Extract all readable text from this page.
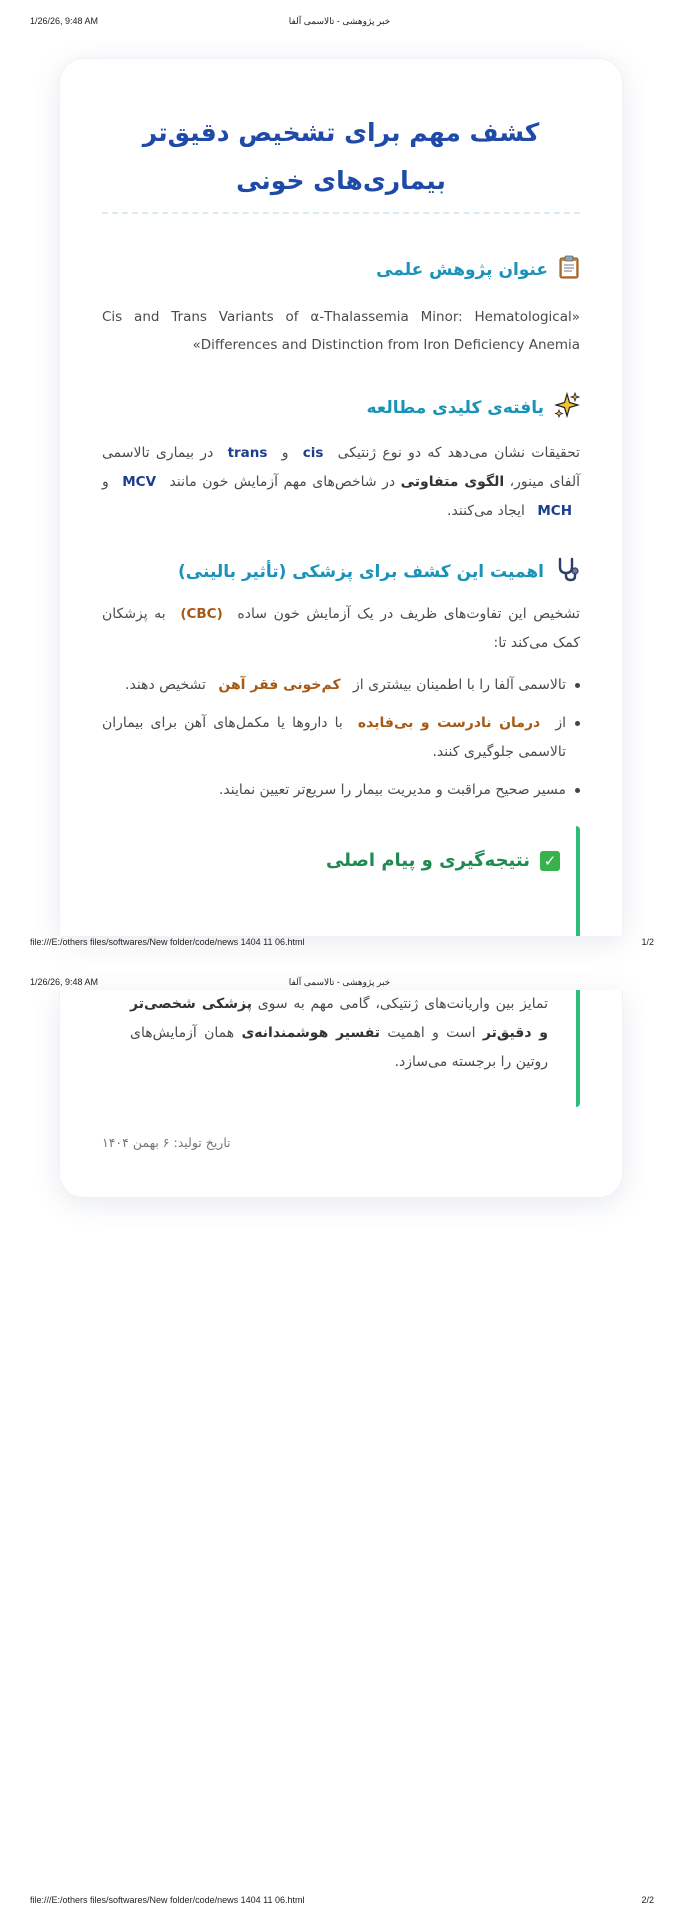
1/26/26, 9:48 AM	خبر پژوهشی - تالاسمی آلفا
کشف مهم برای تشخیص دقیق‌تر
بیماری‌های خونی
عنوان پژوهش علمی
«Cis and Trans Variants of α-Thalassemia Minor: Hematological Differences and Distinction from Iron Deficiency Anemia»
یافته‌ی کلیدی مطالعه
تحقیقات نشان می‌دهد که دو نوع ژنتیکی cis و trans در بیماری تالاسمی آلفای مینور، الگوی متفاوتی در شاخص‌های مهم آزمایش خون مانند MCV و MCH ایجاد می‌کنند.
اهمیت این کشف برای پزشکی (تأثیر بالینی)
تشخیص این تفاوت‌های ظریف در یک آزمایش خون ساده (CBC) به پزشکان کمک می‌کند تا:
تالاسمی آلفا را با اطمینان بیشتری از کم‌خونی فقر آهن تشخیص دهند.
از درمان نادرست و بی‌فایده با داروها یا مکمل‌های آهن برای بیماران تالاسمی جلوگیری کنند.
مسیر صحیح مراقبت و مدیریت بیمار را سریع‌تر تعیین نمایند.
✓
نتیجه‌گیری و پیام اصلی
file:///E:/others files/softwares/New folder/code/news 1404 11 06.html	1/2
1/26/26, 9:48 AM	خبر پژوهشی - تالاسمی آلفا
تمایز بین واریانت‌های ژنتیکی، گامی مهم به سوی پزشکی شخصی‌تر و دقیق‌تر است و اهمیت تفسیر هوشمندانه‌ی همان آزمایش‌های روتین را برجسته می‌سازد.
تاریخ تولید: ۶ بهمن ۱۴۰۴
file:///E:/others files/softwares/New folder/code/news 1404 11 06.html	2/2
